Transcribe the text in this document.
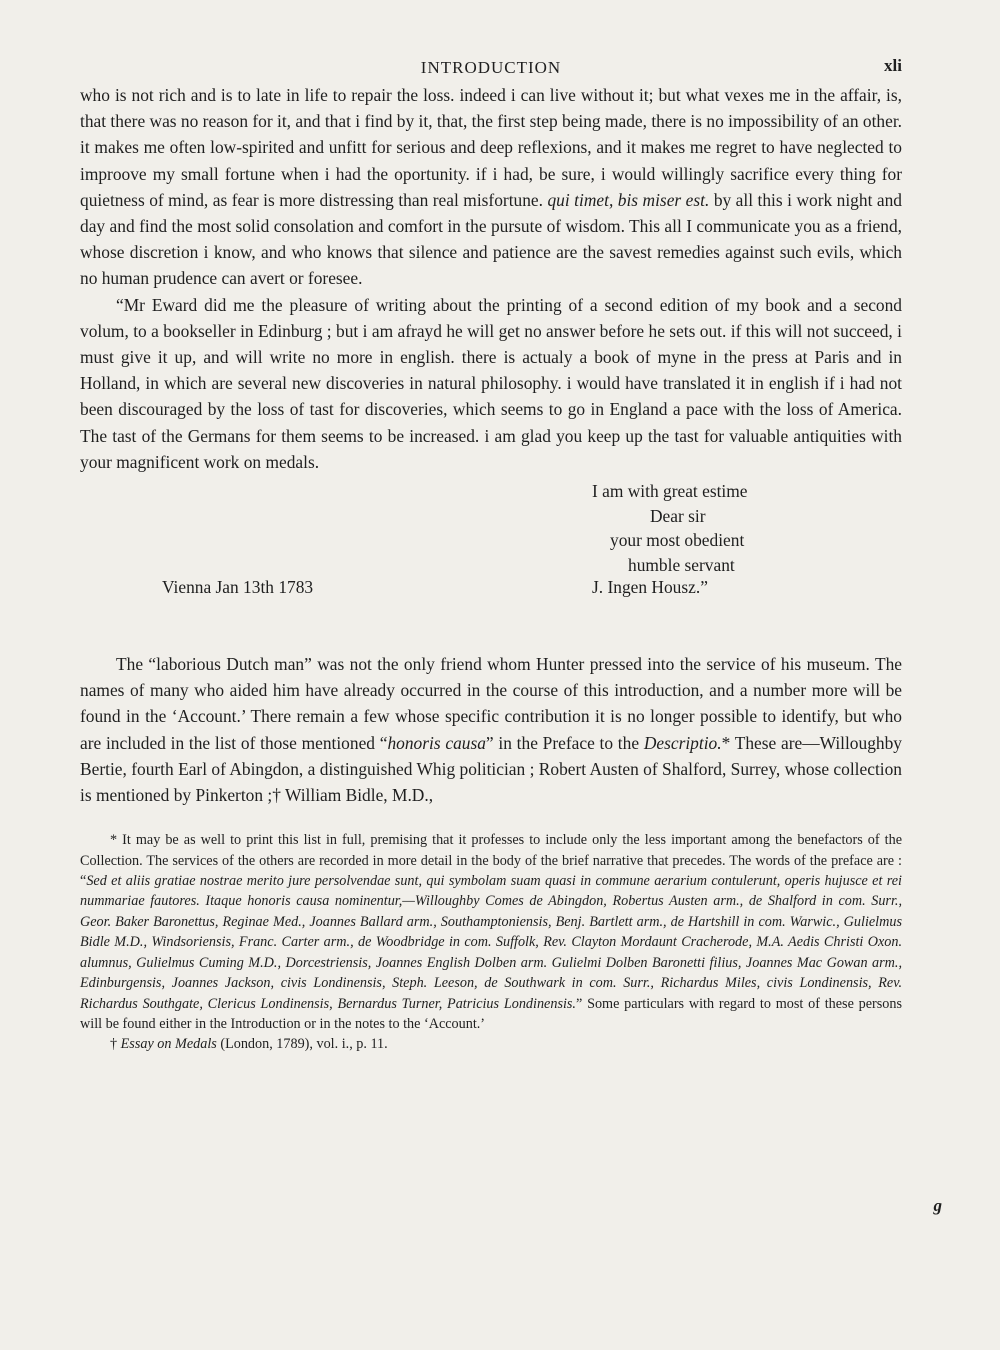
INTRODUCTION	xli

who is not rich and is to late in life to repair the loss. indeed i can live without it; but what vexes me in the affair, is, that there was no reason for it, and that i find by it, that, the first step being made, there is no impossibility of an other. it makes me often low-spirited and unfitt for serious and deep reflexions, and it makes me regret to have neglected to improove my small fortune when i had the oportunity. if i had, be sure, i would willingly sacrifice every thing for quietness of mind, as fear is more distressing than real misfortune. qui timet, bis miser est. by all this i work night and day and find the most solid consolation and comfort in the pursute of wisdom. This all I communicate you as a friend, whose discretion i know, and who knows that silence and patience are the savest remedies against such evils, which no human prudence can avert or foresee.

“Mr Eward did me the pleasure of writing about the printing of a second edition of my book and a second volum, to a bookseller in Edinburg ; but i am afrayd he will get no answer before he sets out. if this will not succeed, i must give it up, and will write no more in english. there is actualy a book of myne in the press at Paris and in Holland, in which are several new discoveries in natural philosophy. i would have translated it in english if i had not been discouraged by the loss of tast for discoveries, which seems to go in England a pace with the loss of America. The tast of the Germans for them seems to be increased. i am glad you keep up the tast for valuable antiquities with your magnificent work on medals.

I am with great estime
Dear sir
your most obedient
humble servant
Vienna Jan 13th 1783	J. Ingen Housz.”

The “laborious Dutch man” was not the only friend whom Hunter pressed into the service of his museum. The names of many who aided him have already occurred in the course of this introduction, and a number more will be found in the ‘Account.’ There remain a few whose specific contribution it is no longer possible to identify, but who are included in the list of those mentioned “honoris causa” in the Preface to the Descriptio.* These are—Willoughby Bertie, fourth Earl of Abingdon, a distinguished Whig politician ; Robert Austen of Shalford, Surrey, whose collection is mentioned by Pinkerton ;† William Bidle, M.D.,

* It may be as well to print this list in full, premising that it professes to include only the less important among the benefactors of the Collection. The services of the others are recorded in more detail in the body of the brief narrative that precedes. The words of the preface are : “Sed et aliis gratiae nostrae merito jure persolvendae sunt, qui symbolam suam quasi in commune aerarium contulerunt, operis hujusce et rei nummariae fautores. Itaque honoris causa nominentur,—Willoughby Comes de Abingdon, Robertus Austen arm., de Shalford in com. Surr., Geor. Baker Baronettus, Reginae Med., Joannes Ballard arm., Southamptoniensis, Benj. Bartlett arm., de Hartshill in com. Warwic., Gulielmus Bidle M.D., Windsoriensis, Franc. Carter arm., de Woodbridge in com. Suffolk, Rev. Clayton Mordaunt Cracherode, M.A. Aedis Christi Oxon. alumnus, Gulielmus Cuming M.D., Dorcestriensis, Joannes English Dolben arm. Gulielmi Dolben Baronetti filius, Joannes Mac Gowan arm., Edinburgensis, Joannes Jackson, civis Londinensis, Steph. Leeson, de Southwark in com. Surr., Richardus Miles, civis Londinensis, Rev. Richardus Southgate, Clericus Londinensis, Bernardus Turner, Patricius Londinensis.” Some particulars with regard to most of these persons will be found either in the Introduction or in the notes to the ‘Account.’

† Essay on Medals (London, 1789), vol. i., p. 11.

g
